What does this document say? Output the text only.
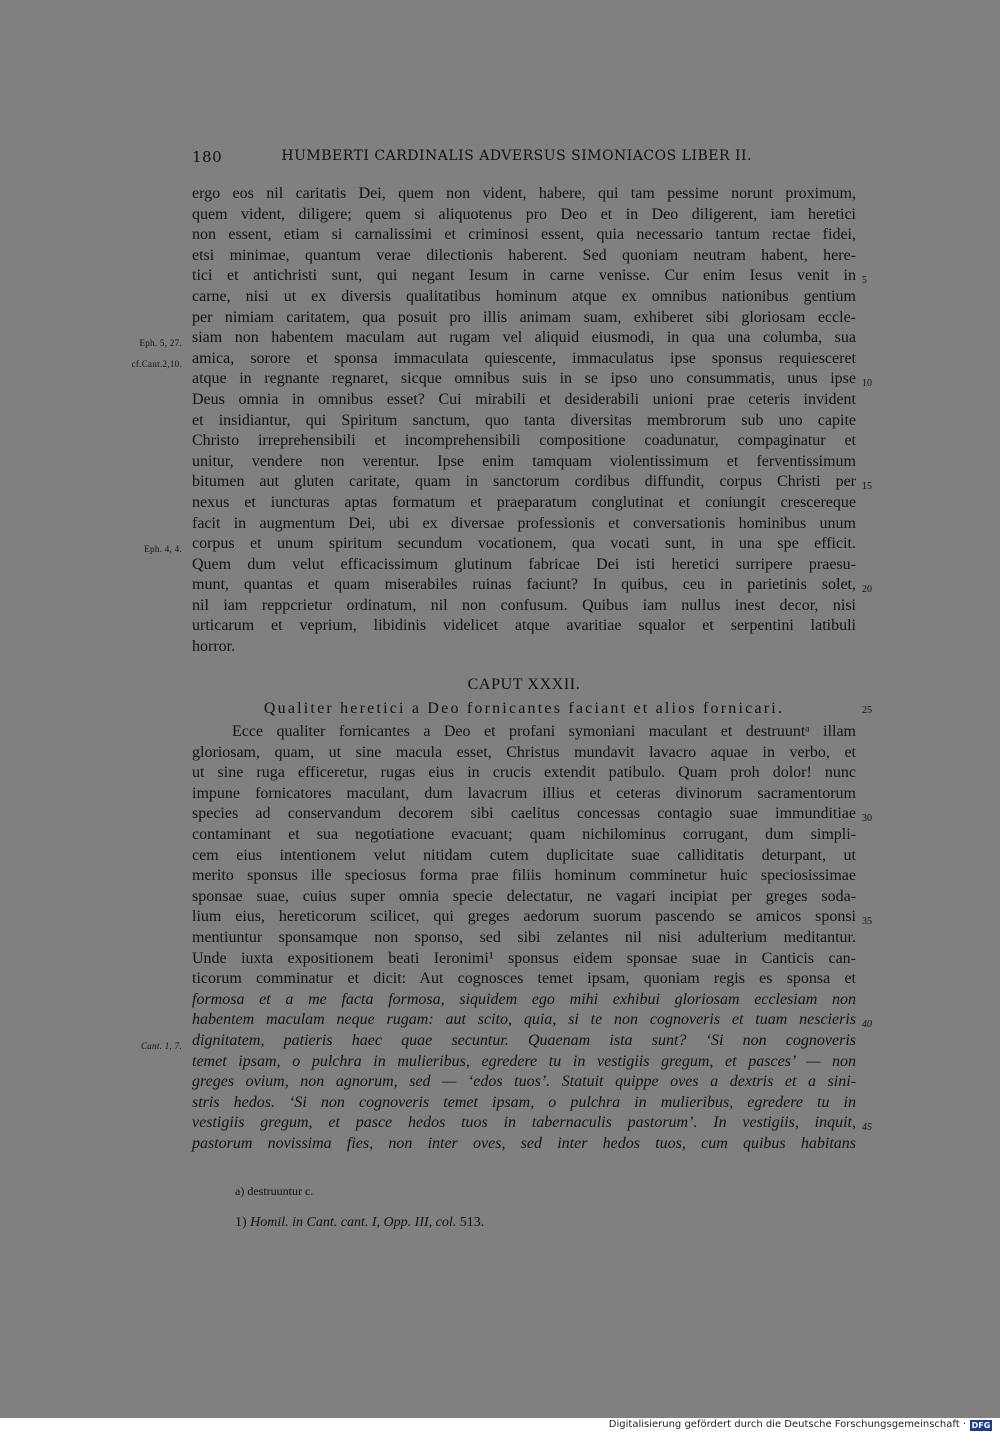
180	HUMBERTI CARDINALIS ADVERSUS SIMONIACOS LIBER II.
ergo eos nil caritatis Dei, quem non vident, habere, qui tam pessime norunt proximum,
quem vident, diligere; quem si aliquotenus pro Deo et in Deo diligerent, iam heretici
non essent, etiam si carnalissimi et criminosi essent, quia necessario tantum rectae fidei,
etsi minimae, quantum verae dilectionis haberent. Sed quoniam neutram habent, here-
tici et antichristi sunt, qui negant Iesum in carne venisse. Cur enim Iesus venit in 5
carne, nisi ut ex diversis qualitatibus hominum atque ex omnibus nationibus gentium
per nimiam caritatem, qua posuit pro illis animam suam, exhiberet sibi gloriosam eccle-
siam non habentem maculam aut rugam vel aliquid eiusmodi, in qua una columba, sua
Eph. 5, 27.
amica, sorore et sponsa immaculata quiescente, immaculatus ipse sponsus requiesceret
cf.Cant.2,10.
atque in regnante regnaret, sicque omnibus suis in se ipso uno consummatis, unus ipse 10
Deus omnia in omnibus esset? Cui mirabili et desiderabili unioni prae ceteris invident
et insidiantur, qui Spiritum sanctum, quo tanta diversitas membrorum sub uno capite
Christo irreprehensibili et incomprehensibili compositione coadunatur, compaginatur et
unitur, vendere non verentur. Ipse enim tamquam violentissimum et ferventissimum
bitumen aut gluten caritate, quam in sanctorum cordibus diffundit, corpus Christi per 15
nexus et iuncturas aptas formatum et praeparatum conglutinat et coniungit crescereque
facit in augmentum Dei, ubi ex diversae professionis et conversationis hominibus unum
corpus et unum spiritum secundum vocationem, qua vocati sunt, in una spe efficit.
Eph. 4, 4.
Quem dum velut efficacissimum glutinum fabricae Dei isti heretici surripere praesu-
munt, quantas et quam miserabiles ruinas faciunt? In quibus, ceu in parietinis solet, 20
nil iam reppcrietur ordinatum, nil non confusum. Quibus iam nullus inest decor, nisi
urticarum et veprium, libidinis videlicet atque avaritiae squalor et serpentini latibuli
horror.
CAPUT XXXII.
Qualiter heretici a Deo fornicantes faciant et alios fornicari.	25
Ecce qualiter fornicantes a Deo et profani symoniani maculant et destruuntᵃ illam
gloriosam, quam, ut sine macula esset, Christus mundavit lavacro aquae in verbo, et
ut sine ruga efficeretur, rugas eius in crucis extendit patibulo. Quam proh dolor! nunc
impune fornicatores maculant, dum lavacrum illius et ceteras divinorum sacramentorum
species ad conservandum decorem sibi caelitus concessas contagio suae immunditiae 30
contaminant et sua negotiatione evacuant; quam nichilominus corrugant, dum simpli-
cem eius intentionem velut nitidam cutem duplicitate suae calliditatis deturpant, ut
merito sponsus ille speciosus forma prae filiis hominum comminetur huic speciosissimae
sponsae suae, cuius super omnia specie delectatur, ne vagari incipiat per greges soda-
lium eius, hereticorum scilicet, qui greges aedorum suorum pascendo se amicos sponsi 35
mentiuntur sponsamque non sponso, sed sibi zelantes nil nisi adulterium meditantur.
Unde iuxta expositionem beati Ieronimi¹ sponsus eidem sponsae suae in Canticis can-
ticorum comminatur et dicit: Aut cognosces temet ipsam, quoniam regis es sponsa et
formosa et a me facta formosa, siquidem ego mihi exhibui gloriosam ecclesiam non
habentem maculam neque rugam: aut scito, quia, si te non cognoveris et tuam nescieris 40
dignitatem, patieris haec quae secuntur. Quaenam ista sunt? ‘Si non cognoveris
Cant. 1, 7.
temet ipsam, o pulchra in mulieribus, egredere tu in vestigiis gregum, et pasces’ — non
greges ovium, non agnorum, sed — ‘edos tuos’. Statuit quippe oves a dextris et a sini-
stris hedos. ‘Si non cognoveris temet ipsam, o pulchra in mulieribus, egredere tu in
vestigiis gregum, et pasce hedos tuos in tabernaculis pastorum’. In vestigiis, inquit, 45
pastorum novissima fies, non inter oves, sed inter hedos tuos, cum quibus habitans
a) destruuntur c.
1) Homil. in Cant. cant. I, Opp. III, col. 513.
Digitalisierung gefördert durch die Deutsche Forschungsgemeinschaft · DFG
